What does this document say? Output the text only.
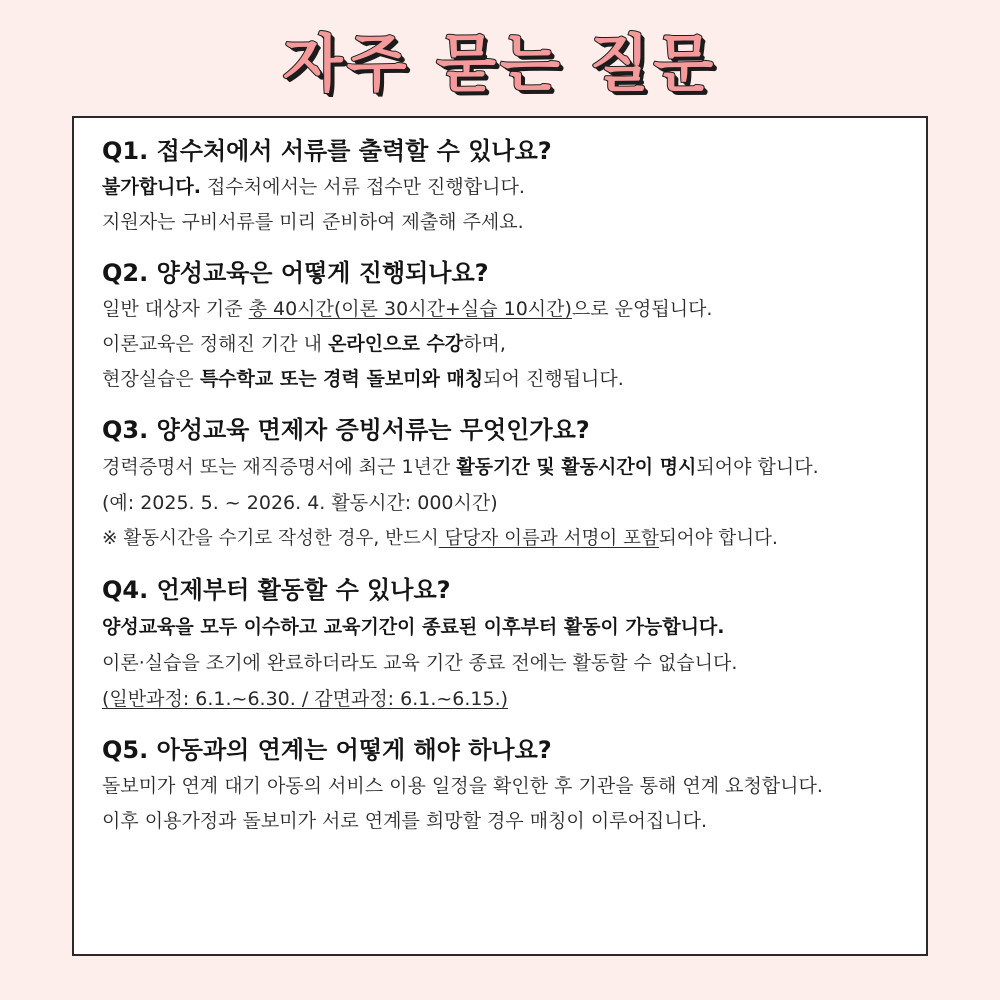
자주 묻는 질문
Q1. 접수처에서 서류를 출력할 수 있나요?
불가합니다. 접수처에서는 서류 접수만 진행합니다.
지원자는 구비서류를 미리 준비하여 제출해 주세요.
Q2. 양성교육은 어떻게 진행되나요?
일반 대상자 기준 총 40시간(이론 30시간+실습 10시간)으로 운영됩니다.
이론교육은 정해진 기간 내 온라인으로 수강하며,
현장실습은 특수학교 또는 경력 돌보미와 매칭되어 진행됩니다.
Q3. 양성교육 면제자 증빙서류는 무엇인가요?
경력증명서 또는 재직증명서에 최근 1년간 활동기간 및 활동시간이 명시되어야 합니다.
(예: 2025. 5. ~ 2026. 4. 활동시간: 000시간)
※ 활동시간을 수기로 작성한 경우, 반드시 담당자 이름과 서명이 포함되어야 합니다.
Q4. 언제부터 활동할 수 있나요?
양성교육을 모두 이수하고 교육기간이 종료된 이후부터 활동이 가능합니다.
이론·실습을 조기에 완료하더라도 교육 기간 종료 전에는 활동할 수 없습니다.
(일반과정: 6.1.~6.30. / 감면과정: 6.1.~6.15.)
Q5. 아동과의 연계는 어떻게 해야 하나요?
돌보미가 연계 대기 아동의 서비스 이용 일정을 확인한 후 기관을 통해 연계 요청합니다.
이후 이용가정과 돌보미가 서로 연계를 희망할 경우 매칭이 이루어집니다.
